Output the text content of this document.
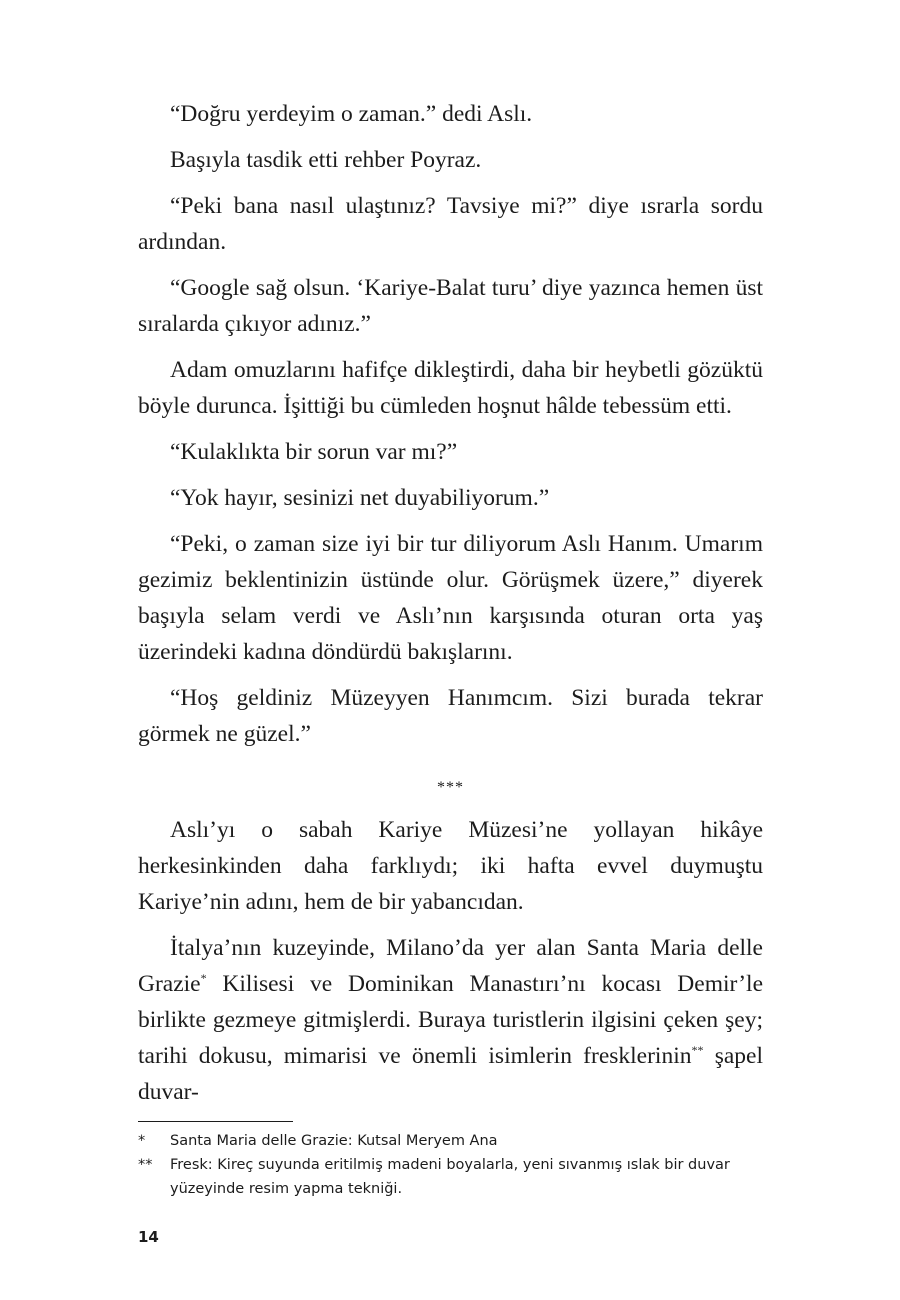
“Doğru yerdeyim o zaman.” dedi Aslı.

Başıyla tasdik etti rehber Poyraz.

“Peki bana nasıl ulaştınız? Tavsiye mi?” diye ısrarla sordu ardından.

“Google sağ olsun. ‘Kariye-Balat turu’ diye yazınca hemen üst sıralarda çıkıyor adınız.”

Adam omuzlarını hafifçe dikleştirdi, daha bir heybetli gözüktü böyle durunca. İşittiği bu cümleden hoşnut hâlde tebessüm etti.

“Kulaklıkta bir sorun var mı?”

“Yok hayır, sesinizi net duyabiliyorum.”

“Peki, o zaman size iyi bir tur diliyorum Aslı Hanım. Umarım gezimiz beklentinizin üstünde olur. Görüşmek üzere,” diyerek başıyla selam verdi ve Aslı’nın karşısında oturan orta yaş üzerindeki kadına döndürdü bakışlarını.

“Hoş geldiniz Müzeyyen Hanımcım. Sizi burada tekrar görmek ne güzel.”

***

Aslı’yı o sabah Kariye Müzesi’ne yollayan hikâye herkesinkinden daha farklıydı; iki hafta evvel duymuştu Kariye’nin adını, hem de bir yabancıdan.

İtalya’nın kuzeyinde, Milano’da yer alan Santa Maria delle Grazie* Kilisesi ve Dominikan Manastırı’nı kocası Demir’le birlikte gezmeye gitmişlerdi. Buraya turistlerin ilgisini çeken şey; tarihi dokusu, mimarisi ve önemli isimlerin fresklerinin** şapel duvar-

*	Santa Maria delle Grazie: Kutsal Meryem Ana
**	Fresk: Kireç suyunda eritilmiş madeni boyalarla, yeni sıvanmış ıslak bir duvar yüzeyinde resim yapma tekniği.
14
